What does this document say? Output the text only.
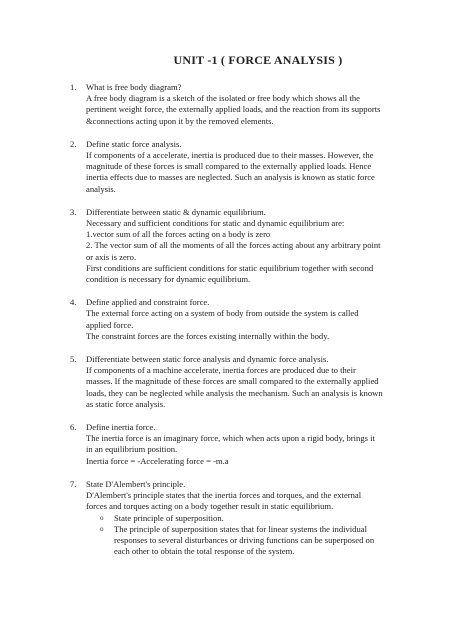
UNIT -1 ( FORCE ANALYSIS )
1. What is free body diagram?
A free body diagram is a sketch of the isolated or free body which shows all the
pertinent weight force, the externally applied loads, and the reaction from its supports
&connections acting upon it by the removed elements.
2. Define static force analysis.
If components of a accelerate, inertia is produced due to their masses. However, the
magnitude of these forces is small compared to the externally applied loads. Hence
inertia effects due to masses are neglected. Such an analysis is known as static force
analysis.
3. Differentiate between static & dynamic equilibrium.
Necessary and sufficient conditions for static and dynamic equilibrium are:
1.vector sum of all the forces acting on a body is zero
2. The vector sum of all the moments of all the forces acting about any arbitrary point
or axis is zero.
First conditions are sufficient conditions for static equilibrium together with second
condition is necessary for dynamic equilibrium.
4. Define applied and constraint force.
The external force acting on a system of body from outside the system is called
applied force.
The constraint forces are the forces existing internally within the body.
5. Differentiate between static force analysis and dynamic force analysis.
If components of a machine accelerate, inertia forces are produced due to their
masses. If the magnitude of these forces are small compared to the externally applied
loads, they can be neglected while analysis the mechanism. Such an analysis is known
as static force analysis.
6. Define inertia force.
The inertia force is an imaginary force, which when acts upon a rigid body, brings it
in an equilibrium position.
Inertia force = -Accelerating force = -m.a
7. State D'Alembert's principle.
D'Alembert's principle states that the inertia forces and torques, and the external
forces and torques acting on a body together result in static equilibrium.
o State principle of superposition.
o The principle of superposition states that for linear systems the individual
responses to several disturbances or driving functions can be superposed on
each other to obtain the total response of the system.
